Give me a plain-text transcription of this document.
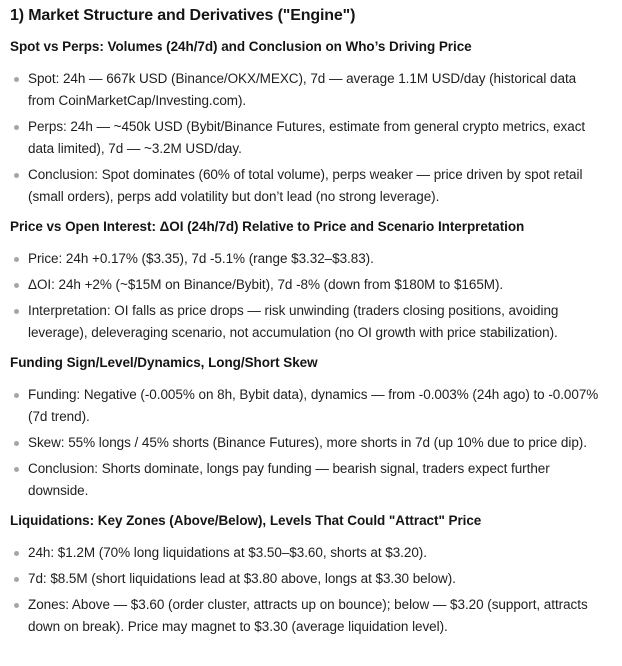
1) Market Structure and Derivatives ("Engine")
Spot vs Perps: Volumes (24h/7d) and Conclusion on Who’s Driving Price
Spot: 24h — 667k USD (Binance/OKX/MEXC), 7d — average 1.1M USD/day (historical data from CoinMarketCap/Investing.com).
Perps: 24h — ~450k USD (Bybit/Binance Futures, estimate from general crypto metrics, exact data limited), 7d — ~3.2M USD/day.
Conclusion: Spot dominates (60% of total volume), perps weaker — price driven by spot retail (small orders), perps add volatility but don’t lead (no strong leverage).
Price vs Open Interest: ΔOI (24h/7d) Relative to Price and Scenario Interpretation
Price: 24h +0.17% ($3.35), 7d -5.1% (range $3.32–$3.83).
ΔOI: 24h +2% (~$15M on Binance/Bybit), 7d -8% (down from $180M to $165M).
Interpretation: OI falls as price drops — risk unwinding (traders closing positions, avoiding leverage), deleveraging scenario, not accumulation (no OI growth with price stabilization).
Funding Sign/Level/Dynamics, Long/Short Skew
Funding: Negative (-0.005% on 8h, Bybit data), dynamics — from -0.003% (24h ago) to -0.007% (7d trend).
Skew: 55% longs / 45% shorts (Binance Futures), more shorts in 7d (up 10% due to price dip).
Conclusion: Shorts dominate, longs pay funding — bearish signal, traders expect further downside.
Liquidations: Key Zones (Above/Below), Levels That Could "Attract" Price
24h: $1.2M (70% long liquidations at $3.50–$3.60, shorts at $3.20).
7d: $8.5M (short liquidations lead at $3.80 above, longs at $3.30 below).
Zones: Above — $3.60 (order cluster, attracts up on bounce); below — $3.20 (support, attracts down on break). Price may magnet to $3.30 (average liquidation level).
